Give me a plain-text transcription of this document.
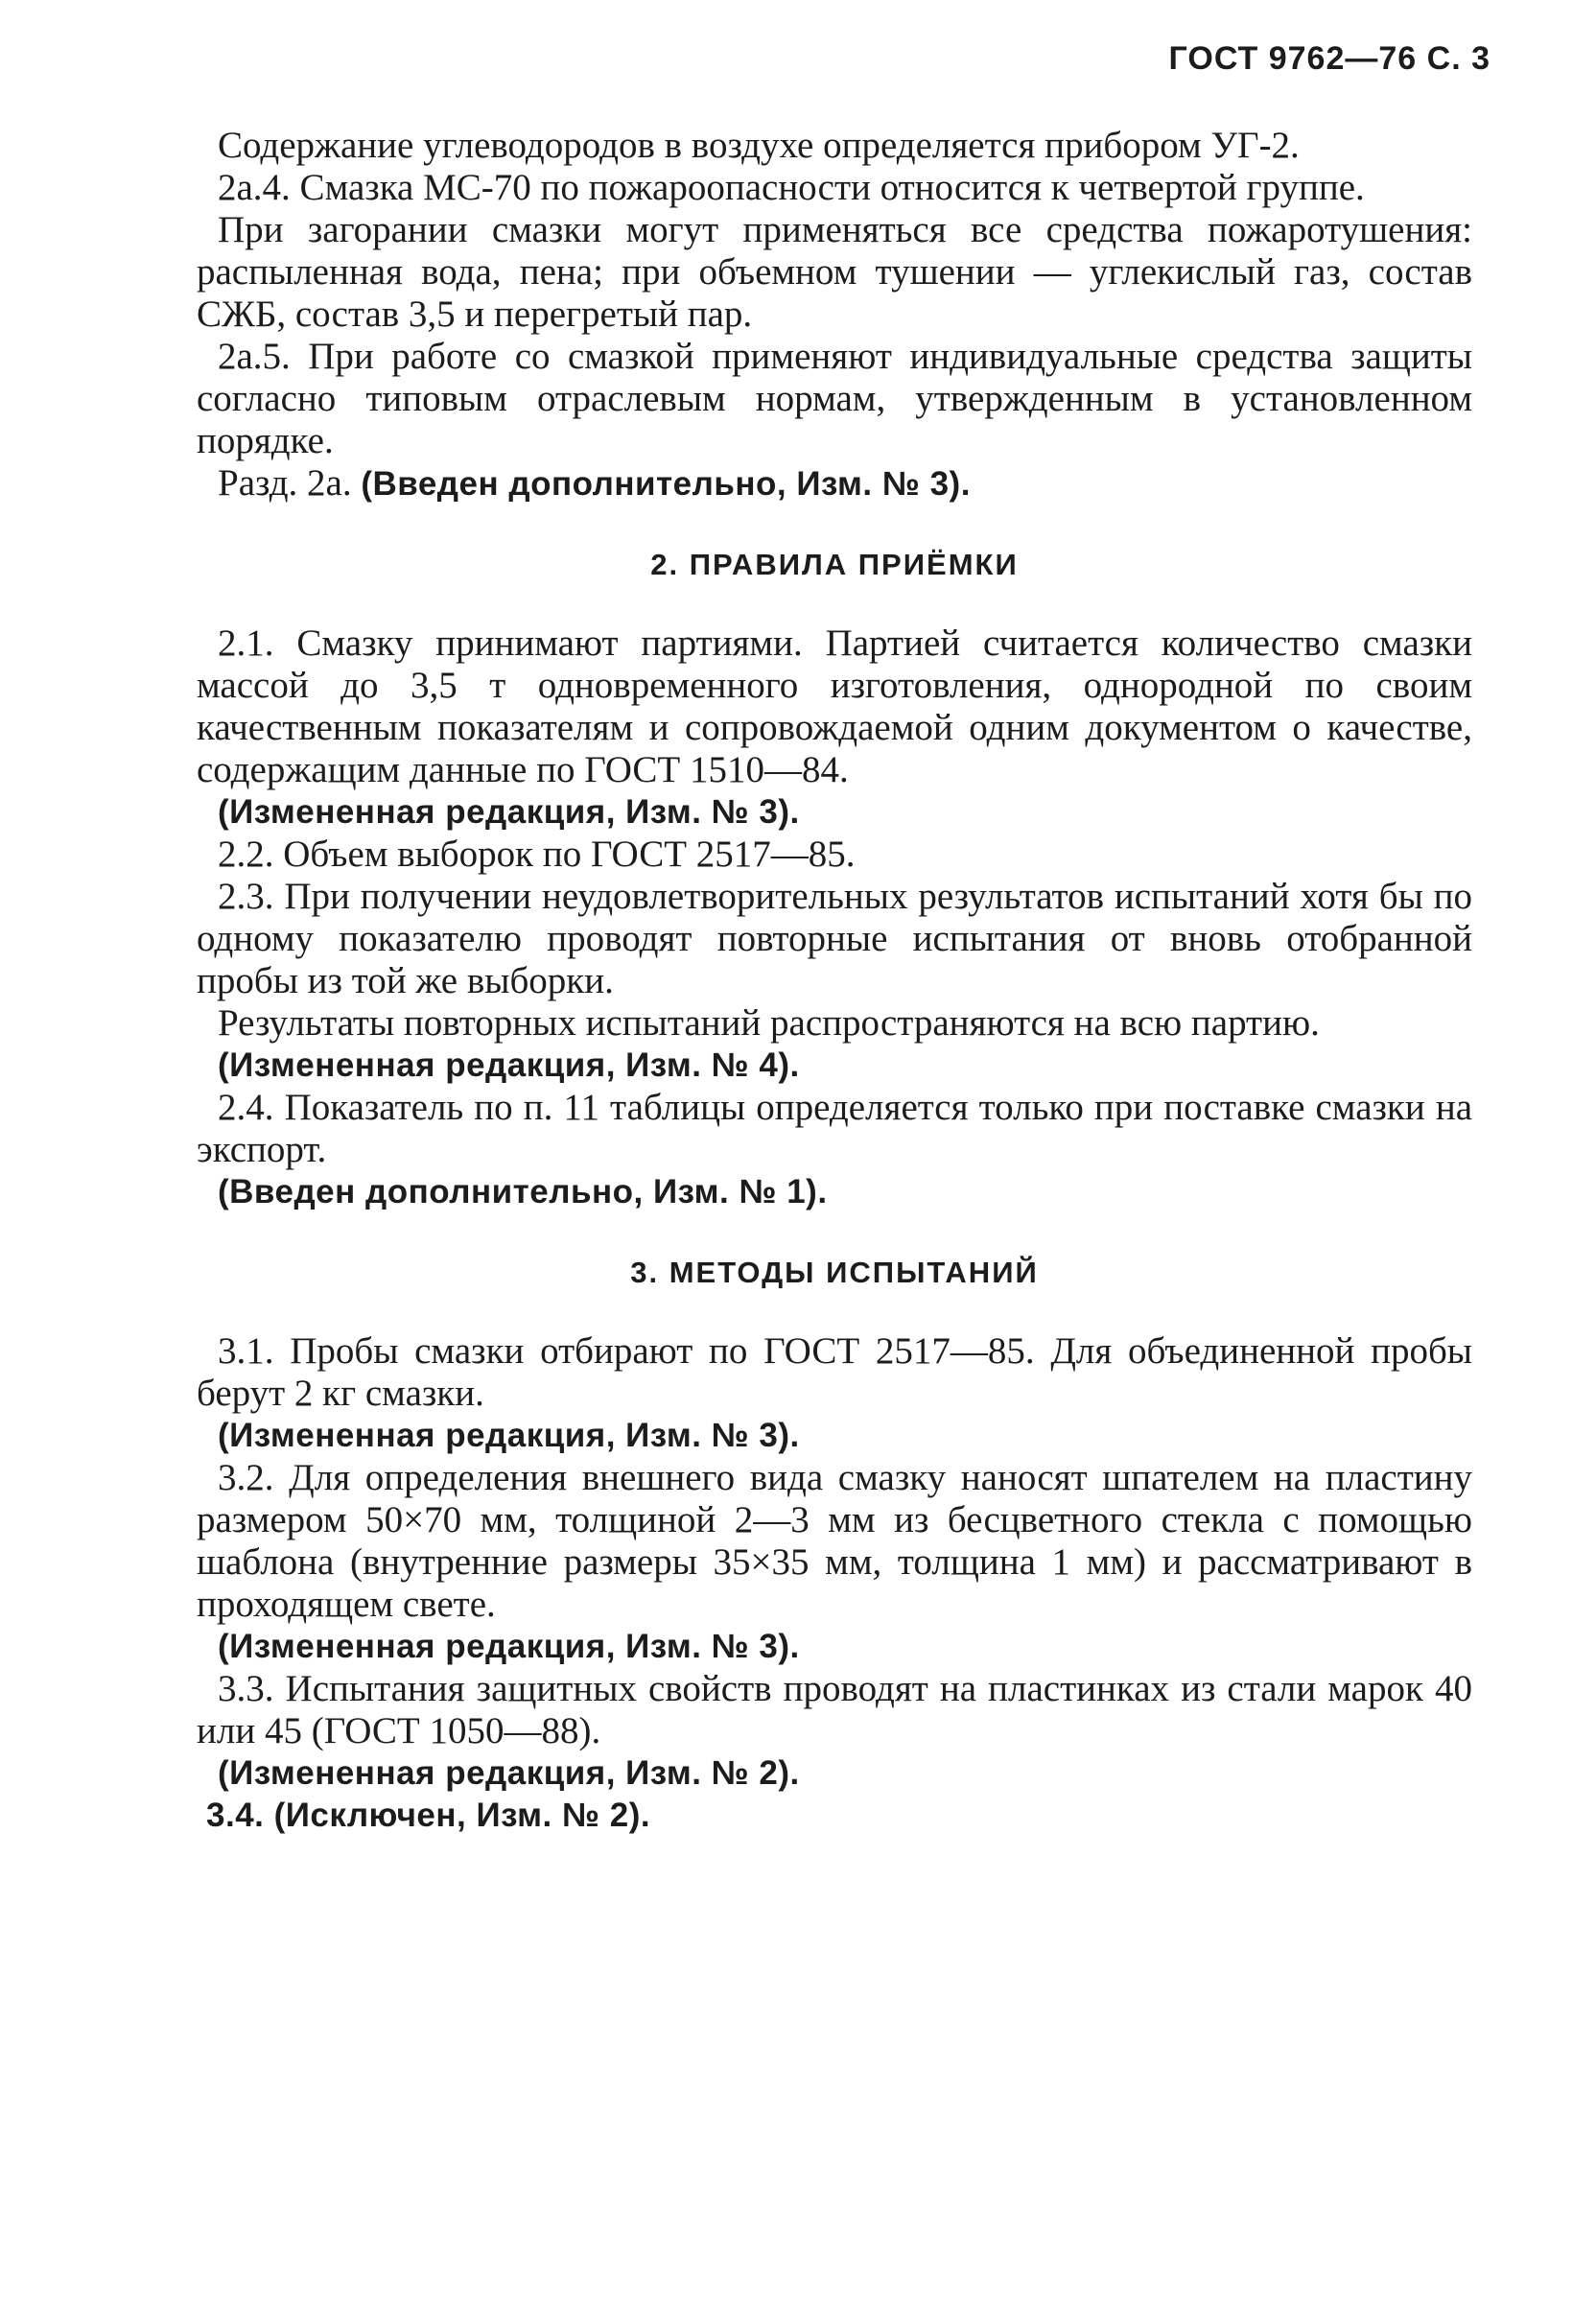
ГОСТ 9762—76 С. 3

Содержание углеводородов в воздухе определяется прибором УГ-2.

2а.4. Смазка МС-70 по пожароопасности относится к четвертой группе.

При загорании смазки могут применяться все средства пожаротушения: распыленная вода, пена; при объемном тушении — углекислый газ, состав СЖБ, состав 3,5 и перегретый пар.

2а.5. При работе со смазкой применяют индивидуальные средства защиты согласно типовым отраслевым нормам, утвержденным в установленном порядке.

Разд. 2а. (Введен дополнительно, Изм. № 3).

2. ПРАВИЛА ПРИЁМКИ

2.1. Смазку принимают партиями. Партией считается количество смазки массой до 3,5 т одновременного изготовления, однородной по своим качественным показателям и сопровождаемой одним документом о качестве, содержащим данные по ГОСТ 1510—84.

(Измененная редакция, Изм. № 3).

2.2. Объем выборок по ГОСТ 2517—85.

2.3. При получении неудовлетворительных результатов испытаний хотя бы по одному показателю проводят повторные испытания от вновь отобранной пробы из той же выборки.

Результаты повторных испытаний распространяются на всю партию.

(Измененная редакция, Изм. № 4).

2.4. Показатель по п. 11 таблицы определяется только при поставке смазки на экспорт.

(Введен дополнительно, Изм. № 1).

3. МЕТОДЫ ИСПЫТАНИЙ

3.1. Пробы смазки отбирают по ГОСТ 2517—85. Для объединенной пробы берут 2 кг смазки.

(Измененная редакция, Изм. № 3).

3.2. Для определения внешнего вида смазку наносят шпателем на пластину размером 50×70 мм, толщиной 2—3 мм из бесцветного стекла с помощью шаблона (внутренние размеры 35×35 мм, толщина 1 мм) и рассматривают в проходящем свете.

(Измененная редакция, Изм. № 3).

3.3. Испытания защитных свойств проводят на пластинках из стали марок 40 или 45 (ГОСТ 1050—88).

(Измененная редакция, Изм. № 2).

3.4. (Исключен, Изм. № 2).
